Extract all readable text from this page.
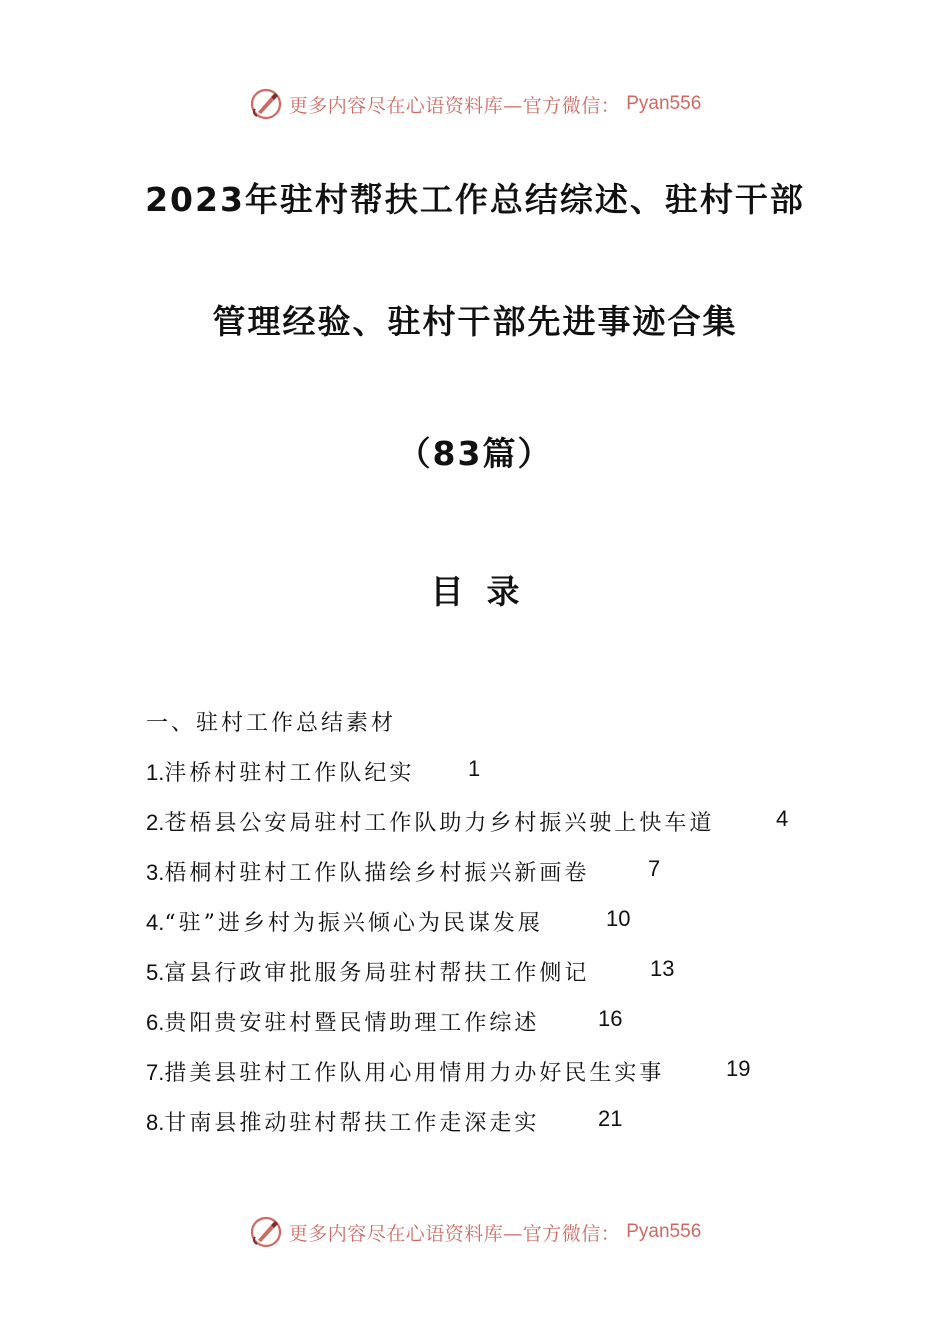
更多内容尽在心语资料库—官方微信： Pyan556
2023年驻村帮扶工作总结综述、驻村干部
管理经验、驻村干部先进事迹合集
（83篇）
目  录
一、驻村工作总结素材
1.沣桥村驻村工作队纪实 1
2.苍梧县公安局驻村工作队助力乡村振兴驶上快车道	4
3.梧桐村驻村工作队描绘乡村振兴新画卷	7
4.“驻”进乡村为振兴倾心为民谋发展	10
5.富县行政审批服务局驻村帮扶工作侧记	13
6.贵阳贵安驻村暨民情助理工作综述	16
7.措美县驻村工作队用心用情用力办好民生实事	19
8.甘南县推动驻村帮扶工作走深走实	21
更多内容尽在心语资料库—官方微信： Pyan556
